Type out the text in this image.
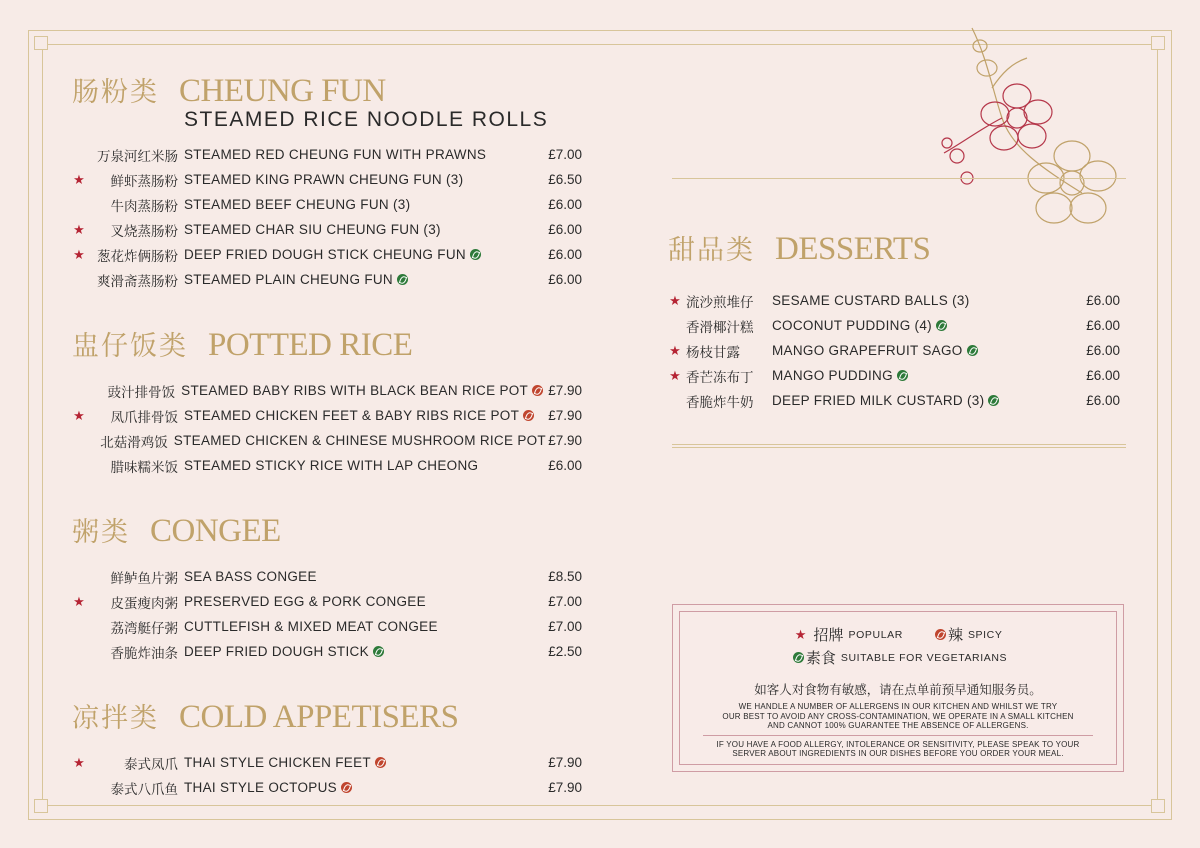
肠粉类 CHEUNG FUN
STEAMED RICE NOODLE ROLLS
万泉河红米肠 STEAMED RED CHEUNG FUN WITH PRAWNS	£7.00
★	鲜虾蒸肠粉 STEAMED KING PRAWN CHEUNG FUN (3)	£6.50
牛肉蒸肠粉 STEAMED BEEF CHEUNG FUN (3)	£6.00
★	叉烧蒸肠粉 STEAMED CHAR SIU CHEUNG FUN (3)	£6.00
★ 葱花炸俩肠粉 DEEP FRIED DOUGH STICK CHEUNG FUN	£6.00
爽滑斋蒸肠粉 STEAMED PLAIN CHEUNG FUN	£6.00
盅仔饭类 POTTED RICE
豉汁排骨饭 STEAMED BABY RIBS WITH BLACK BEAN RICE POT	£7.90
★	凤爪排骨饭 STEAMED CHICKEN FEET & BABY RIBS RICE POT	£7.90
北菇滑鸡饭 STEAMED CHICKEN & CHINESE MUSHROOM RICE POT £7.90
腊味糯米饭 STEAMED STICKY RICE WITH LAP CHEONG	£6.00
粥类 CONGEE
鲜鲈鱼片粥 SEA BASS CONGEE	£8.50
★	皮蛋瘦肉粥 PRESERVED EGG & PORK CONGEE	£7.00
荔湾艇仔粥 CUTTLEFISH & MIXED MEAT CONGEE	£7.00
香脆炸油条 DEEP FRIED DOUGH STICK	£2.50
凉拌类 COLD APPETISERS
★	泰式凤爪 THAI STYLE CHICKEN FEET	£7.90
泰式八爪鱼 THAI STYLE OCTOPUS	£7.90
甜品类 DESSERTS
★ 流沙煎堆仔	SESAME CUSTARD BALLS (3)	£6.00
香滑椰汁糕	COCONUT PUDDING (4)	£6.00
★ 杨枝甘露	MANGO GRAPEFRUIT SAGO	£6.00
★ 香芒冻布丁	MANGO PUDDING	£6.00
香脆炸牛奶	DEEP FRIED MILK CUSTARD (3)	£6.00
★ 招牌 POPULAR	辣 SPICY
素食 SUITABLE FOR VEGETARIANS
如客人对食物有敏感，请在点单前预早通知服务员。
WE HANDLE A NUMBER OF ALLERGENS IN OUR KITCHEN AND WHILST WE TRY
OUR BEST TO AVOID ANY CROSS-CONTAMINATION, WE OPERATE IN A SMALL KITCHEN
AND CANNOT 100% GUARANTEE THE ABSENCE OF ALLERGENS.
IF YOU HAVE A FOOD ALLERGY, INTOLERANCE OR SENSITIVITY, PLEASE SPEAK TO YOUR
SERVER ABOUT INGREDIENTS IN OUR DISHES BEFORE YOU ORDER YOUR MEAL.
